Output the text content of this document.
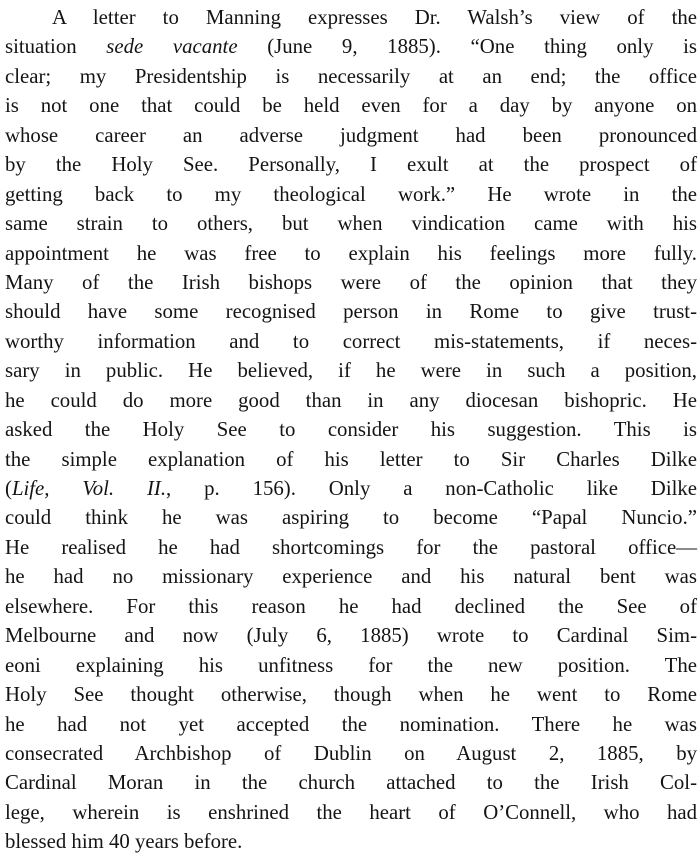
A letter to Manning expresses Dr. Walsh’s view of the
situation sede vacante (June 9, 1885). “One thing only is
clear; my Presidentship is necessarily at an end; the office
is not one that could be held even for a day by anyone on
whose career an adverse judgment had been pronounced
by the Holy See. Personally, I exult at the prospect of
getting back to my theological work.” He wrote in the
same strain to others, but when vindication came with his
appointment he was free to explain his feelings more fully.
Many of the Irish bishops were of the opinion that they
should have some recognised person in Rome to give trust-
worthy information and to correct mis-statements, if neces-
sary in public. He believed, if he were in such a position,
he could do more good than in any diocesan bishopric. He
asked the Holy See to consider his suggestion. This is
the simple explanation of his letter to Sir Charles Dilke
(Life, Vol. II., p. 156). Only a non-Catholic like Dilke
could think he was aspiring to become “Papal Nuncio.”
He realised he had shortcomings for the pastoral office—
he had no missionary experience and his natural bent was
elsewhere. For this reason he had declined the See of
Melbourne and now (July 6, 1885) wrote to Cardinal Sim-
eoni explaining his unfitness for the new position. The
Holy See thought otherwise, though when he went to Rome
he had not yet accepted the nomination. There he was
consecrated Archbishop of Dublin on August 2, 1885, by
Cardinal Moran in the church attached to the Irish Col-
lege, wherein is enshrined the heart of O’Connell, who had
blessed him 40 years before.
